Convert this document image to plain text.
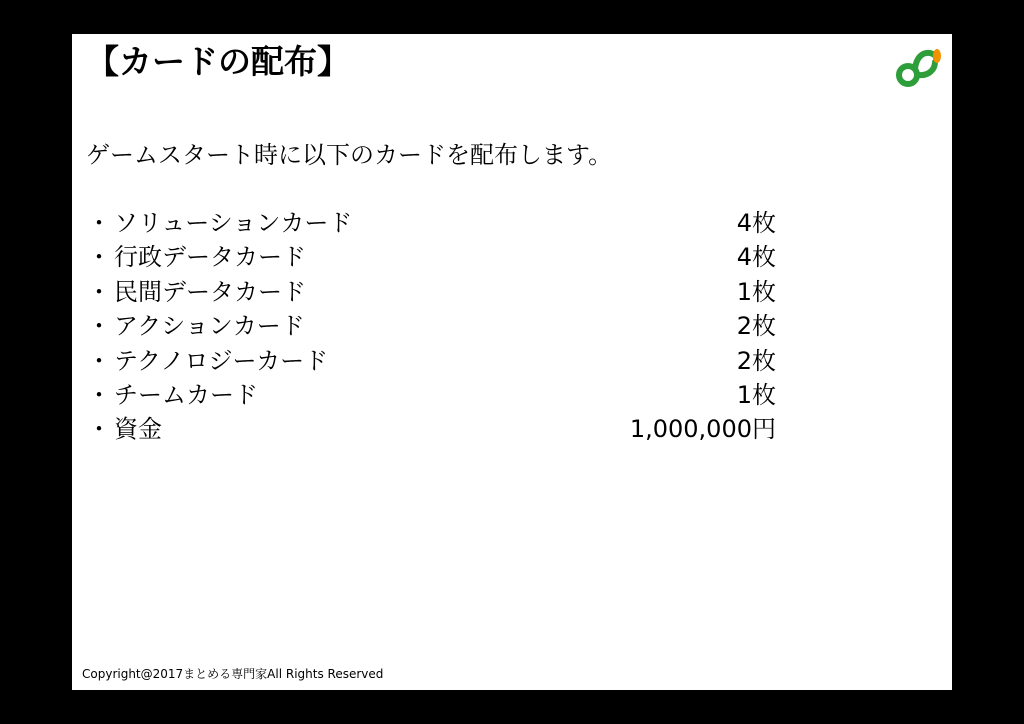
【カードの配布】

ゲームスタート時に以下のカードを配布します。

・ ソリューションカード	4枚
・ 行政データカード	4枚
・ 民間データカード	1枚
・ アクションカード	2枚
・ テクノロジーカード	2枚
・ チームカード	1枚
・ 資金	1,000,000円

Copyright@2017まとめる専門家All Rights Reserved
